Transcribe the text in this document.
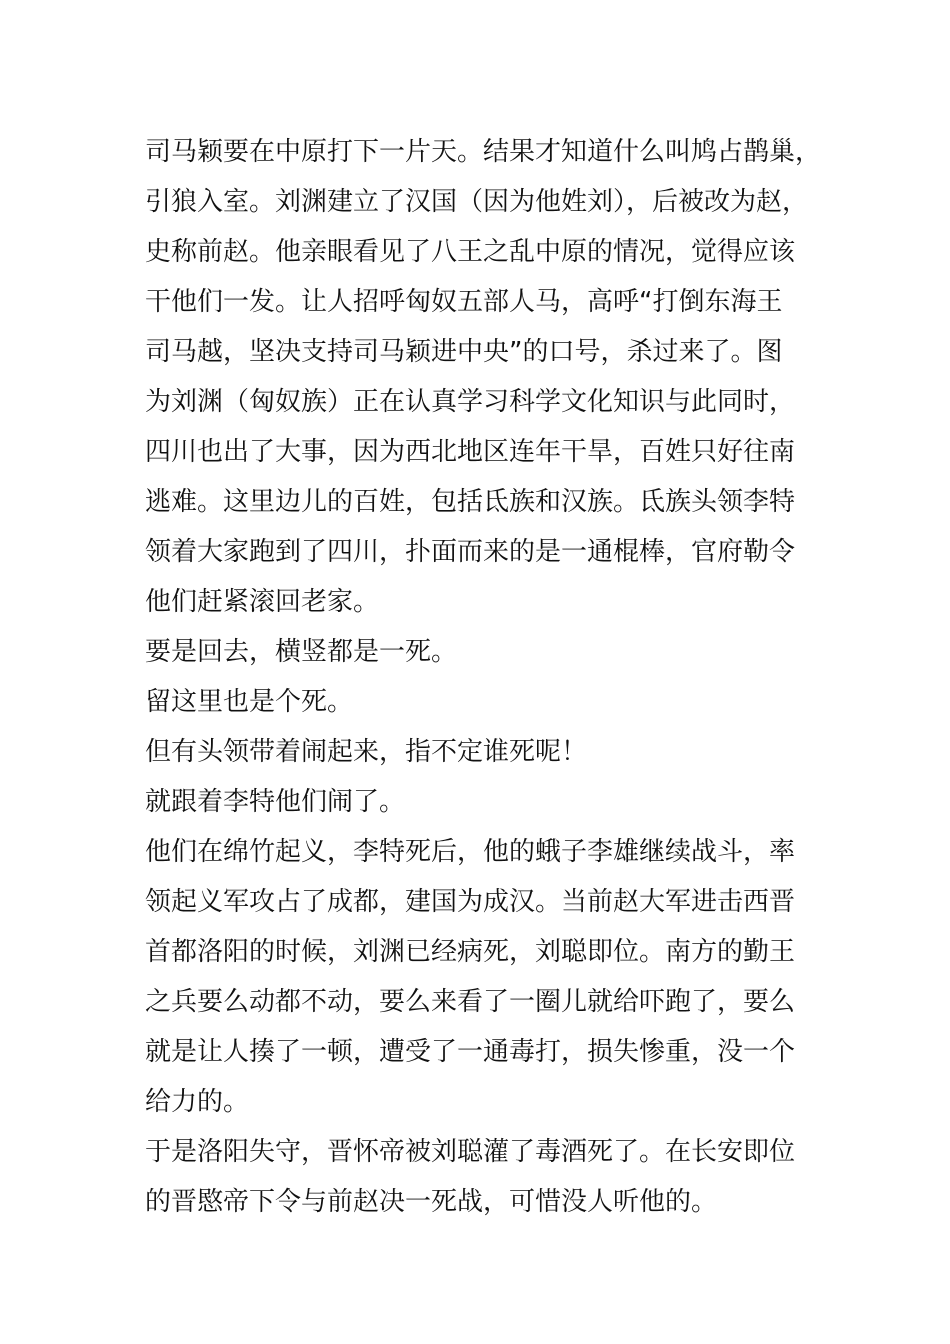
司马颖要在中原打下一片天。结果才知道什么叫鸠占鹊巢，
引狼入室。刘渊建立了汉国（因为他姓刘），后被改为赵，
史称前赵。他亲眼看见了八王之乱中原的情况，觉得应该
干他们一发。让人招呼匈奴五部人马，高呼“打倒东海王
司马越，坚决支持司马颖进中央”的口号，杀过来了。图
为刘渊（匈奴族）正在认真学习科学文化知识与此同时，
四川也出了大事，因为西北地区连年干旱，百姓只好往南
逃难。这里边儿的百姓，包括氐族和汉族。氐族头领李特
领着大家跑到了四川，扑面而来的是一通棍棒，官府勒令
他们赶紧滚回老家。
要是回去，横竖都是一死。
留这里也是个死。
但有头领带着闹起来，指不定谁死呢！
就跟着李特他们闹了。
他们在绵竹起义，李特死后，他的蛾子李雄继续战斗，率
领起义军攻占了成都，建国为成汉。当前赵大军进击西晋
首都洛阳的时候，刘渊已经病死，刘聪即位。南方的勤王
之兵要么动都不动，要么来看了一圈儿就给吓跑了，要么
就是让人揍了一顿，遭受了一通毒打，损失惨重，没一个
给力的。
于是洛阳失守，晋怀帝被刘聪灌了毒酒死了。在长安即位
的晋愍帝下令与前赵决一死战，可惜没人听他的。
